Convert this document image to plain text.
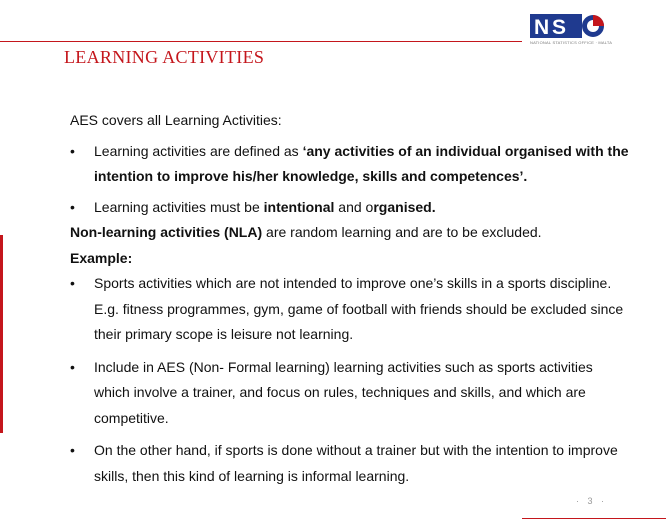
N S
NATIONAL STATISTICS OFFICE · MALTA
LEARNING ACTIVITIES

AES covers all Learning Activities:

• Learning activities are defined as ‘any activities of an individual organised with the intention to improve his/her knowledge, skills and competences’.

• Learning activities must be intentional and organised.

Non-learning activities (NLA) are random learning and are to be excluded.

Example:

• Sports activities which are not intended to improve one’s skills in a sports discipline. E.g. fitness programmes, gym, game of football with friends should be excluded since their primary scope is leisure not learning.

• Include in AES (Non- Formal learning) learning activities such as sports activities which involve a trainer, and focus on rules, techniques and skills, and which are competitive.

• On the other hand, if sports is done without a trainer but with the intention to improve skills, then this kind of learning is informal learning.

· 3 ·
